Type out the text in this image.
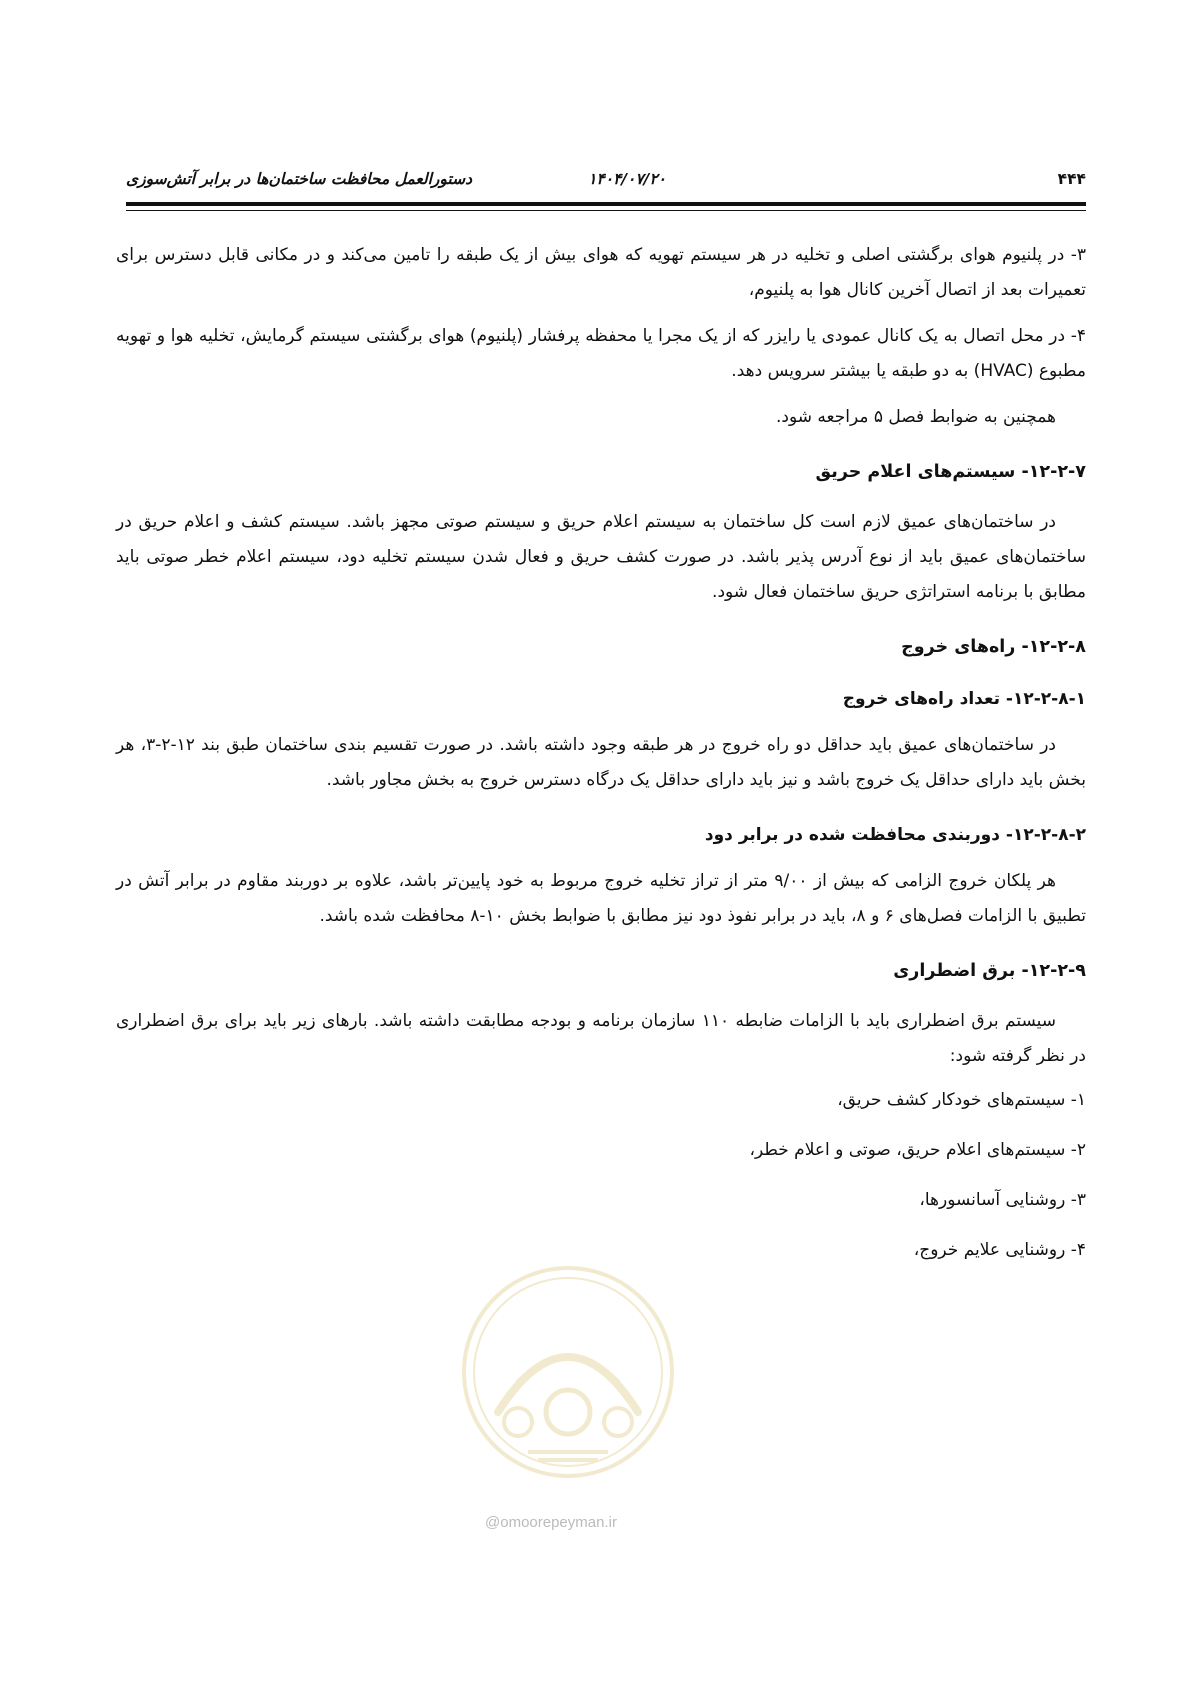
۴۴۴
۱۴۰۴/۰۷/۲۰
دستورالعمل محافظت ساختمان‌ها در برابر آتش‌سوزی

۳- در پلنیوم هوای برگشتی اصلی و تخلیه در هر سیستم تهویه که هوای بیش از یک طبقه را تامین می‌کند و در مکانی قابل دسترس برای تعمیرات بعد از اتصال آخرین کانال هوا به پلنیوم،

۴- در محل اتصال به یک کانال عمودی یا رایزر که از یک مجرا یا محفظه پرفشار (پلنیوم) هوای برگشتی سیستم گرمایش، تخلیه هوا و تهویه مطبوع (HVAC) به دو طبقه یا بیشتر سرویس دهد.

همچنین به ضوابط فصل ۵ مراجعه شود.

۱۲-۲-۷- سیستم‌های اعلام حریق

در ساختمان‌های عمیق لازم است کل ساختمان به سیستم اعلام حریق و سیستم صوتی مجهز باشد. سیستم کشف و اعلام حریق در ساختمان‌های عمیق باید از نوع آدرس پذیر باشد. در صورت کشف حریق و فعال شدن سیستم تخلیه دود، سیستم اعلام خطر صوتی باید مطابق با برنامه استراتژی حریق ساختمان فعال شود.

۱۲-۲-۸- راه‌های خروج
۱۲-۲-۸-۱- تعداد راه‌های خروج

در ساختمان‌های عمیق باید حداقل دو راه خروج در هر طبقه وجود داشته باشد. در صورت تقسیم بندی ساختمان طبق بند ۱۲-۲-۳، هر بخش باید دارای حداقل یک خروج باشد و نیز باید دارای حداقل یک درگاه دسترس خروج به بخش مجاور باشد.

۱۲-۲-۸-۲- دوربندی محافظت شده در برابر دود

هر پلکان خروج الزامی که بیش از ۹/۰۰ متر از تراز تخلیه خروج مربوط به خود پایین‌تر باشد، علاوه بر دوربند مقاوم در برابر آتش در تطبیق با الزامات فصل‌های ۶ و ۸، باید در برابر نفوذ دود نیز مطابق با ضوابط بخش ۱۰-۸ محافظت شده باشد.

۱۲-۲-۹- برق اضطراری

سیستم برق اضطراری باید با الزامات ضابطه ۱۱۰ سازمان برنامه و بودجه مطابقت داشته باشد. بارهای زیر باید برای برق اضطراری در نظر گرفته شود:

۱- سیستم‌های خودکار کشف حریق،
۲- سیستم‌های اعلام حریق، صوتی و اعلام خطر،
۳- روشنایی آسانسورها،
۴- روشنایی علایم خروج،
@omoorepeyman.ir
